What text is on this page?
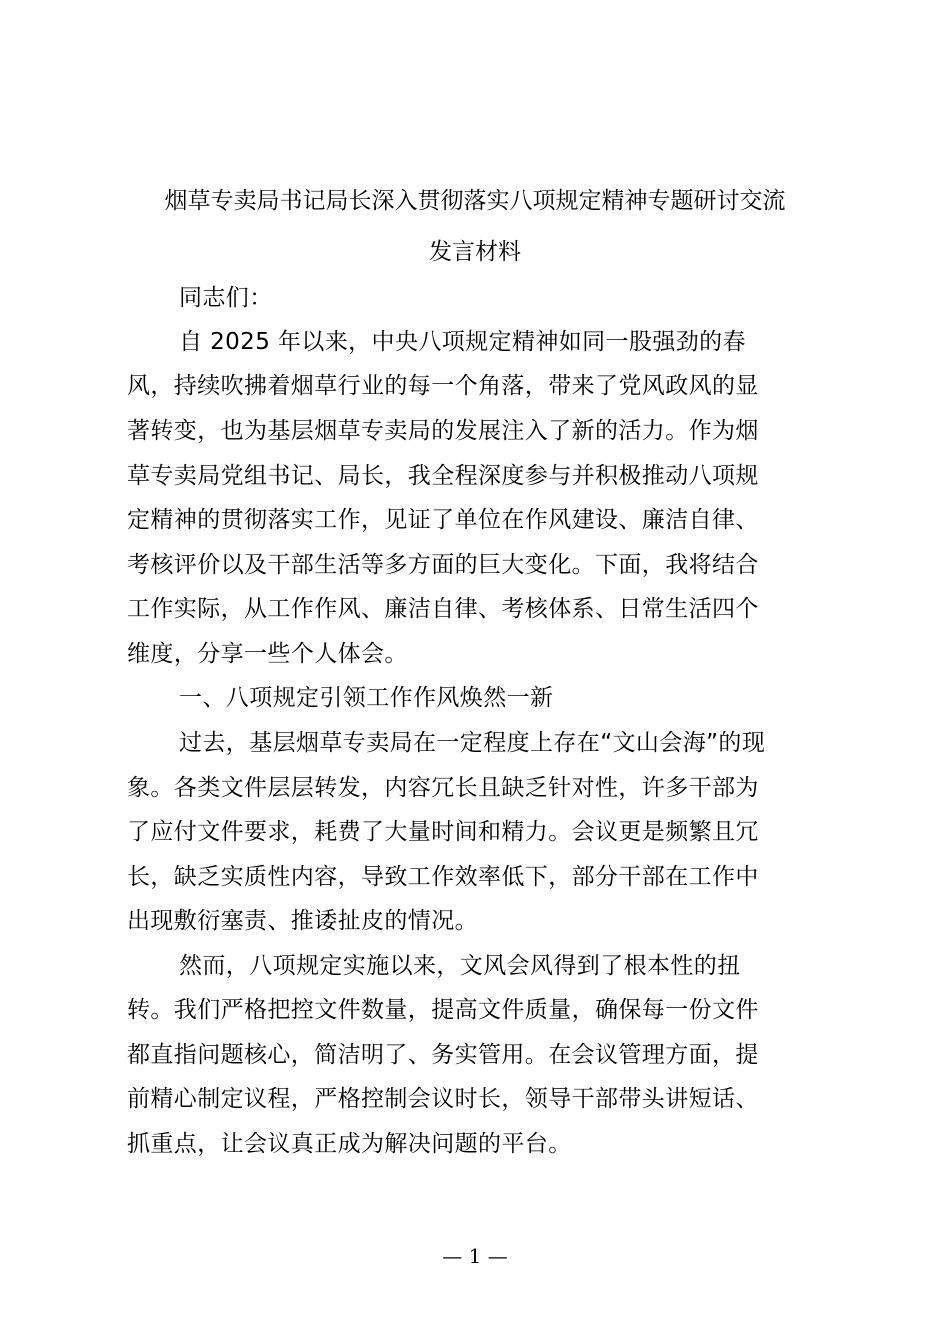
烟草专卖局书记局长深入贯彻落实八项规定精神专题研讨交流
发言材料
同志们：
自 2025 年以来，中央八项规定精神如同一股强劲的春
风，持续吹拂着烟草行业的每一个角落，带来了党风政风的显
著转变，也为基层烟草专卖局的发展注入了新的活力。作为烟
草专卖局党组书记、局长，我全程深度参与并积极推动八项规
定精神的贯彻落实工作，见证了单位在作风建设、廉洁自律、
考核评价以及干部生活等多方面的巨大变化。下面，我将结合
工作实际，从工作作风、廉洁自律、考核体系、日常生活四个
维度，分享一些个人体会。
一、八项规定引领工作作风焕然一新
过去，基层烟草专卖局在一定程度上存在“文山会海”的现
象。各类文件层层转发，内容冗长且缺乏针对性，许多干部为
了应付文件要求，耗费了大量时间和精力。会议更是频繁且冗
长，缺乏实质性内容，导致工作效率低下，部分干部在工作中
出现敷衍塞责、推诿扯皮的情况。
然而，八项规定实施以来，文风会风得到了根本性的扭
转。我们严格把控文件数量，提高文件质量，确保每一份文件
都直指问题核心，简洁明了、务实管用。在会议管理方面，提
前精心制定议程，严格控制会议时长，领导干部带头讲短话、
抓重点，让会议真正成为解决问题的平台。
— 1 —
